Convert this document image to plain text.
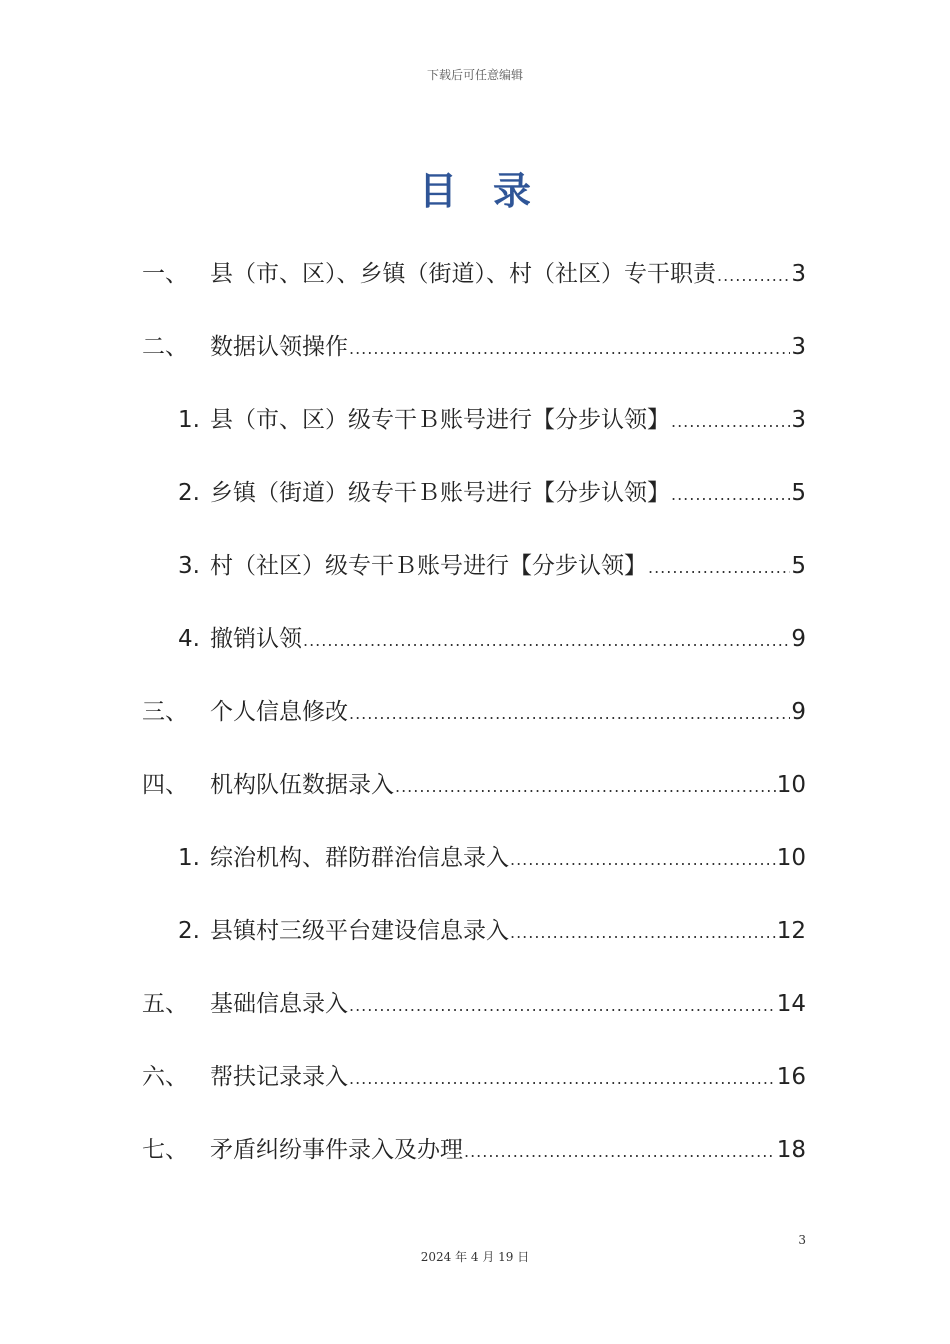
下载后可任意编辑
目录
一、 县（市、区）、乡镇（街道）、村（社区）专干职责 .....	3
二、 数据认领操作 .....	3
1. 县（市、区）级专干Ｂ账号进行【分步认领】 .....	3
2. 乡镇（街道）级专干Ｂ账号进行【分步认领】 .....	5
3. 村（社区）级专干Ｂ账号进行【分步认领】 .....	5
4. 撤销认领 .....	9
三、 个人信息修改 .....	9
四、 机构队伍数据录入 .....	10
1. 综治机构、群防群治信息录入 .....	10
2. 县镇村三级平台建设信息录入 .....	12
五、 基础信息录入 .....	14
六、 帮扶记录录入 .....	16
七、 矛盾纠纷事件录入及办理 .....	18
3
2024 年 4 月 19 日
